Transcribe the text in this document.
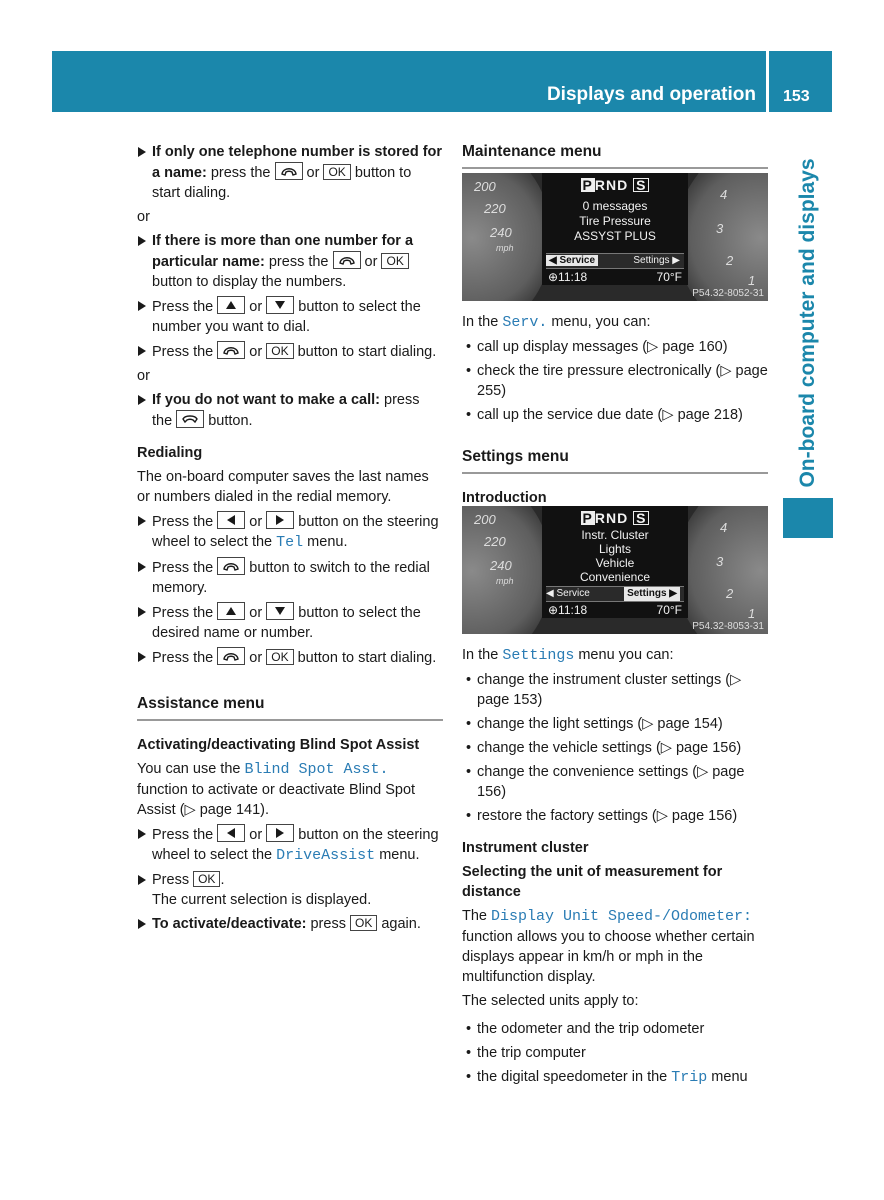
Displays and operation 153
On-board computer and displays

If only one telephone number is stored for a name: press the
or OK button to start dialing.

or

If there is more than one number for a particular name: press the
or OK button to display the numbers.

Press the
or
button to select the number you want to dial.

Press the
or OK button to start dialing.

or

If you do not want to make a call: press the
button.

Redialing

The on-board computer saves the last names or numbers dialed in the redial memory.

Press the
or
button on the steering wheel to select the Tel menu.

Press the
button to switch to the redial memory.

Press the
or
button to select the desired name or number.

Press the
or OK button to start dialing.

Assistance menu

Activating/deactivating Blind Spot Assist

You can use the Blind Spot Asst. function to activate or deactivate Blind Spot Assist (▷ page 141).

Press the
or
button on the steering wheel to select the DriveAssist menu.

Press OK .
The current selection is displayed.

To activate/deactivate: press OK again.

Maintenance menu

200
220
240
mph
4
3
2
1
P RND S
0 messages
Tire Pressure
ASSYST PLUS
◀ Service	Settings ▶
⊕11:18	70°F
P54.32-8052-31

In the Serv. menu, you can:

• call up display messages (▷ page 160)

• check the tire pressure electronically (▷ page 255)

• call up the service due date (▷ page 218)

Settings menu

Introduction

200
220
240
mph
4
3
2
1
P RND S
Instr. Cluster
Lights
Vehicle
Convenience
◀ Service	Settings ▶
⊕11:18	70°F
P54.32-8053-31

In the Settings menu you can:

• change the instrument cluster settings (▷ page 153)

• change the light settings (▷ page 154)

• change the vehicle settings (▷ page 156)

• change the convenience settings (▷ page 156)

• restore the factory settings (▷ page 156)

Instrument cluster

Selecting the unit of measurement for distance

The Display Unit Speed-/Odometer: function allows you to choose whether certain displays appear in km/h or mph in the multifunction display.

The selected units apply to:

• the odometer and the trip odometer

• the trip computer

• the digital speedometer in the Trip menu
